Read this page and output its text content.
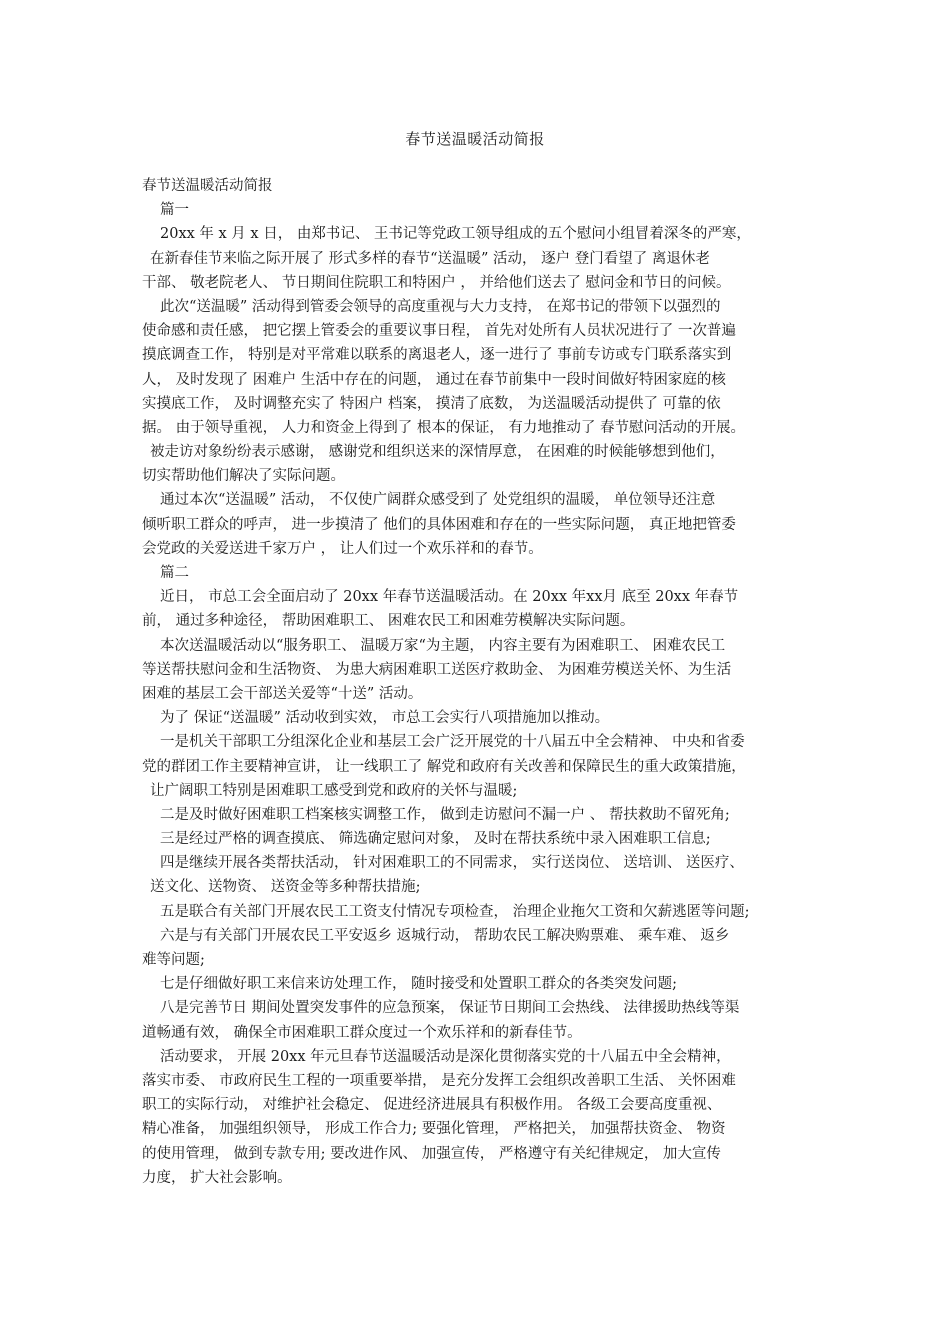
春节送温暖活动简报
春节送温暖活动简报
篇一
20xx 年 x 月 x 日， 由郑书记、 王书记等党政工领导组成的五个慰问小组冒着深冬的严寒，
在新春佳节来临之际开展了 形式多样的春节“送温暖” 活动， 逐户 登门看望了 离退休老
干部、 敬老院老人、 节日期间住院职工和特困户 ， 并给他们送去了 慰问金和节日的问候。
此次“送温暖” 活动得到管委会领导的高度重视与大力支持， 在郑书记的带领下以强烈的
使命感和责任感， 把它摆上管委会的重要议事日程， 首先对处所有人员状况进行了 一次普遍
摸底调查工作， 特别是对平常难以联系的离退老人，逐一进行了 事前专访或专门联系落实到
人， 及时发现了 困难户 生活中存在的问题， 通过在春节前集中一段时间做好特困家庭的核
实摸底工作， 及时调整充实了 特困户 档案， 摸清了底数， 为送温暖活动提供了 可靠的依
据。 由于领导重视， 人力和资金上得到了 根本的保证， 有力地推动了 春节慰问活动的开展。
被走访对象纷纷表示感谢， 感谢党和组织送来的深情厚意， 在困难的时候能够想到他们，
切实帮助他们解决了实际问题。
通过本次“送温暖” 活动， 不仅使广阔群众感受到了 处党组织的温暖， 单位领导还注意
倾听职工群众的呼声， 进一步摸清了 他们的具体困难和存在的一些实际问题， 真正地把管委
会党政的关爱送进千家万户 ， 让人们过一个欢乐祥和的春节。
篇二
近日， 市总工会全面启动了 20xx 年春节送温暖活动。在 20xx 年xx月 底至 20xx 年春节
前， 通过多种途径， 帮助困难职工、 困难农民工和困难劳模解决实际问题。
本次送温暖活动以“服务职工、 温暖万家“为主题， 内容主要有为困难职工、 困难农民工
等送帮扶慰问金和生活物资、 为患大病困难职工送医疗救助金、 为困难劳模送关怀、为生活
困难的基层工会干部送关爱等“十送” 活动。
为了 保证“送温暖” 活动收到实效， 市总工会实行八项措施加以推动。
一是机关干部职工分组深化企业和基层工会广泛开展党的十八届五中全会精神、 中央和省委
党的群团工作主要精神宣讲， 让一线职工了 解党和政府有关改善和保障民生的重大政策措施，
让广阔职工特别是困难职工感受到党和政府的关怀与温暖;
二是及时做好困难职工档案核实调整工作， 做到走访慰问不漏一户 、 帮扶救助不留死角;
三是经过严格的调查摸底、 筛选确定慰问对象， 及时在帮扶系统中录入困难职工信息;
四是继续开展各类帮扶活动， 针对困难职工的不同需求， 实行送岗位、 送培训、 送医疗、
送文化、送物资、 送资金等多种帮扶措施;
五是联合有关部门开展农民工工资支付情况专项检查， 治理企业拖欠工资和欠薪逃匿等问题;
六是与有关部门开展农民工平安返乡 返城行动， 帮助农民工解决购票难、 乘车难、 返乡
难等问题;
七是仔细做好职工来信来访处理工作， 随时接受和处置职工群众的各类突发问题;
八是完善节日 期间处置突发事件的应急预案， 保证节日期间工会热线、 法律援助热线等渠
道畅通有效， 确保全市困难职工群众度过一个欢乐祥和的新春佳节。
活动要求， 开展 20xx 年元旦春节送温暖活动是深化贯彻落实党的十八届五中全会精神，
落实市委、 市政府民生工程的一项重要举措， 是充分发挥工会组织改善职工生活、 关怀困难
职工的实际行动， 对维护社会稳定、 促进经济进展具有积极作用。 各级工会要高度重视、
精心准备， 加强组织领导， 形成工作合力; 要强化管理， 严格把关， 加强帮扶资金、 物资
的使用管理， 做到专款专用; 要改进作风、 加强宣传， 严格遵守有关纪律规定， 加大宣传
力度， 扩大社会影响。
